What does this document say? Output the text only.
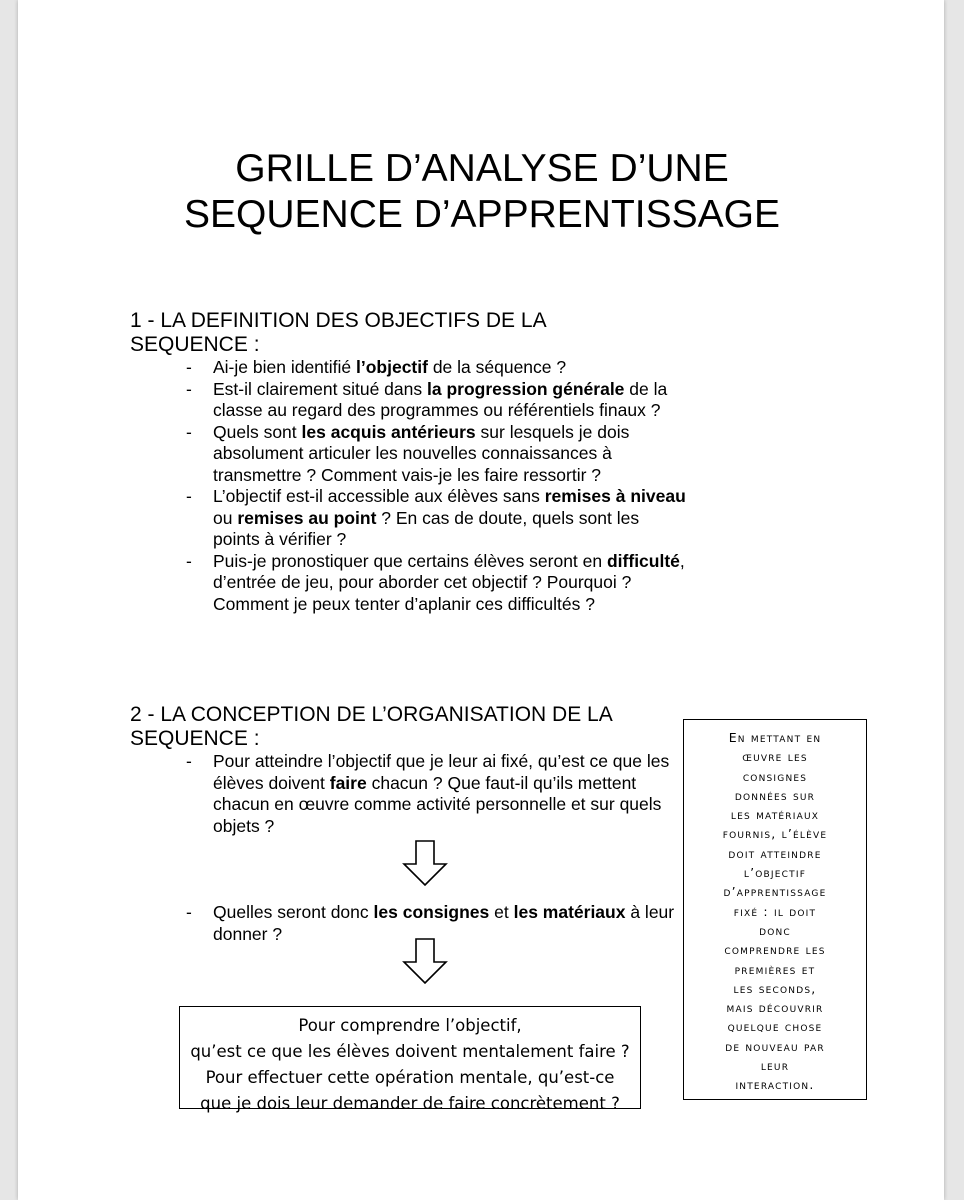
GRILLE D’ANALYSE D’UNE
SEQUENCE D’APPRENTISSAGE
1 - LA DEFINITION DES OBJECTIFS DE LA
SEQUENCE :
- Ai-je bien identifié l’objectif de la séquence ?
- Est-il clairement situé dans la progression générale de la classe au regard des programmes ou référentiels finaux ?
- Quels sont les acquis antérieurs sur lesquels je dois absolument articuler les nouvelles connaissances à transmettre ? Comment vais-je les faire ressortir ?
- L’objectif est-il accessible aux élèves sans remises à niveau ou remises au point ? En cas de doute, quels sont les points à vérifier ?
- Puis-je pronostiquer que certains élèves seront en difficulté, d’entrée de jeu, pour aborder cet objectif ? Pourquoi ? Comment je peux tenter d’aplanir ces difficultés ?
2 - LA CONCEPTION DE L’ORGANISATION DE LA
SEQUENCE :
- Pour atteindre l’objectif que je leur ai fixé, qu’est ce que les élèves doivent faire chacun ? Que faut-il qu’ils mettent chacun en œuvre comme activité personnelle et sur quels objets ?
- Quelles seront donc les consignes et les matériaux à leur donner ?
Pour comprendre l’objectif,
qu’est ce que les élèves doivent mentalement faire ?
Pour effectuer cette opération mentale, qu’est-ce
que je dois leur demander de faire concrètement ?
En mettant en
œuvre les
consignes
données sur
les matériaux
fournis, l’élève
doit atteindre
l’objectif
d’apprentissage
fixé : il doit
donc
comprendre les
premières et
les seconds,
mais découvrir
quelque chose
de nouveau par
leur
interaction.
